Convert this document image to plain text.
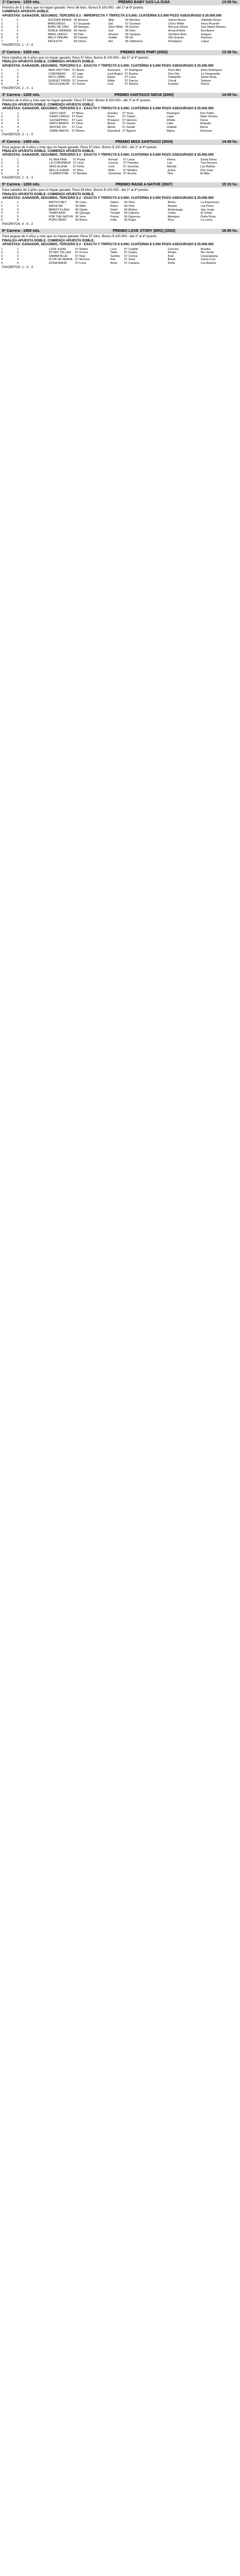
1ª Carrera - 1200 mts.	PREMIO BABY GAS LA GUIA	13:00 hs.
Premios de $ 3 años que no hayan ganado: Peso 56 kilos. Bonos $ 100.000.- del 1ª al 6ª puesto.
COMIENZA APUESTA DOBLE.
APUESTAS: GANADOR, SEGUNDO, TERCERO $ 2 - IMPERFECTA Y TRIFECTA $ 5.000; CUATERNA $ 5.000 POZO ASEGURADO $ 20.000.000
1	2	SOLDIER BRAVE	56 Arrastre	Billy	56 Mendez	Saneo-Bruno	Villafañe Romo
2	1	MANCHEGO	57 Ocupado	Dal	57 Ocampo	Chico Wilde	Hnos.Picarelli
3	4	BUBU DE ORO	56 Rampas	Dark Wilde	56 Gomez	Recurso-Mona	San Martin Alvarez
4	3	DOBLE GRANDE	56 Viento	Gul	56 Soto	Arriacol-Bote	Escribano
5	5	PAÑO LARGO	56 Palo	Rossini	56 Vazquez	Sendero-Bola	Holguin
6	6	MILLY DREAM	56 Canela	Goldie	56 Gil	Ojo-Grande	Ramirez
7	7	FACILETO	56 Olivos	Roi	56 Valdivieso	Rodriguez	Lopez
FAVORITOS: 1 - 3 - 4
2ª Carrera - 1000 mts.	PREMIO MISS PHIFI (2002)	13:30 hs.
Para caballos de 4 años que no hayan ganado: Peso 57 kilos. Bonos $ 100.000.- del 1ª al 4ª puesto.
FINALIZA APUESTA DOBLE, COMIENZA APUESTA DOBLE.
APUESTAS: GANADOR, SEGUNDO, TERCERO $ 2 - EXACTA Y TRIFECTA $ 5.000; CUATERNA $ 5.000 POZO ASEGURADO $ 25.000.000
1	1	NEW FACTORY	57 Bravo	Hurricane	57 Rodriguez	Pavo-Mor	Hnos.Rodriguez
2	2	CORONADO	57 Lago	Lord Bogus	57 Bustos	Don-Ojo	La Vanguardia
3	3	NICO LIBRE	57 Joya	Equal	57 Luna	Fotógrafo	Santa Rosa
4	4	SUNSET PRIDE	57 Jovenes	Wilde	57 Garcia	Corral	Salazar
5	5	TEGUCIGALPA	57 Fuerte	Lord	57 Ramos	Kurland	Rivero
FAVORITOS: 2 - 4 - 1
3ª Carrera - 1200 mts.	PREMIO SANTIAGO NIEVA (2000)	14:05 hs.
Premios de 4 años y más que no hayan ganado: Peso 57 kilos. Bonos $ 100.000.- del 1ª al 4ª puesto.
FINALIZA APUESTA DOBLE. COMIENZA APUESTA DOBLE.
APUESTAS: GANADOR, SEGUNDO, TERCERO $ 2 - EXACTA Y TRIFECTA $ 5.000; CUATERNA $ 5.000 POZO ASEGURADO $ 25.000.000
1	1	GATO GRIS	57 Mesa	Greeley	57 Sosa	Parangon	Don Pablo
2	2	FRAN CANGO	57 Paso	Dunn	57 Castro	Lujan	Siete Vientos
3	3	GIUSEPPINO	57 Lazo	Prospect	57 Herrera	Dimita	Oscar
4	4	RAYO BRAVO	57 Olmo	Brave	57 Duarte	Latte	Ampatia
5	5	MISTER SIX	57 Cruz	Mister	57 Zarate	Vedette	Romo
6	6	DARE MALVO	57 Rivero	Daredevil	57 Aguirre	Malva	Gimenez
FAVORITOS: 3 - 1 - 5
4ª Carrera - 1400 mts.	PREMIO MISS SANTIAGO (2004)	14:40 hs.
Para yeguas de 4 años y más que no hayan ganado: Peso 57 kilos. Bonos $ 100.000.- del 1ª al 4ª puesto.
FINALIZA APUESTA DOBLE. COMIENZA APUESTA DOBLE.
APUESTAS: GANADOR, SEGUNDO, TERCERO $ 2 - EXACTA Y TRIFECTA $ 5.000; CUATERNA $ 5.000 POZO ASEGURADO $ 25.000.000
1	1	FLORA FINA	57 Prado	Roman	57 Leiva	Flores	Santa Elena
2	2	LA CORONADA	57 Lima	Corona	57 Paredes	Luz	Tres Arroyos
3	3	MISS ELENA	57 Peña	Lord	57 Sanchez	Elenita	Los Robles
4	4	BELLA JUANA	57 Rios	Bello	57 Medina	Juana	Don Juan
5	5	CLEMENTINE	57 Benitez	Clemente	57 Acosta	Tina	El Alba
FAVORITOS: 2 - 5 - 3
5ª Carrera - 1200 mts.	PREMIO RAISE A NATIVE (2007)	15:15 hs.
Para caballos de 3 años que no hayan ganado: Peso 56 kilos. Bonos $ 100.000.- del 1ª al 4ª puesto.
FINALIZA APUESTA DOBLE. COMIENZA APUESTA DOBLE.
APUESTAS: GANADOR, SEGUNDO, TERCERO $ 2 - EXACTA Y TRIFECTA $ 5.000; CUATERNA $ 5.000 POZO ASEGURADO $ 25.000.000
1	1	NATIVO REY	56 Cano	Native	56 Silva	Reina	La Esperanza
2	2	RAISE ME	56 Miño	Raise	56 Ortiz	Alzada	Los Pinos
3	3	BRAVO FLASH	56 Ojeda	Flash	56 Molina	Relampago	San Jorge
4	4	TEMPLARIO	56 Quiroga	Temple	56 Cabrera	Orden	El Ombu
5	5	FOR THE NATIVE	56 Vera	Forest	56 Figueroa	Aborigen	Doña Rosa
6	6	PURO INDIO	56 Bravo	Indio	56 Rojas	Pura	La Loma
FAVORITOS: 4 - 6 - 2
6ª Carrera - 1000 mts.	PREMIO LOVE STORY (BRZ) (2002)	16:00 hs.
Para yeguas de 4 años y más que no hayan ganado: Peso 57 kilos. Bonos $ 100.000.- del 1ª al 4ª puesto.
FINALIZA APUESTA DOBLE. COMIENZA APUESTA DOBLE.
APUESTAS: GANADOR, SEGUNDO, TERCERO $ 2 - EXACTA Y TRIFECTA $ 5.000; CUATERNA $ 5.000 POZO ASEGURADO $ 25.000.000
1	1	LOVE SONG	57 Nuñez	Love	57 Castillo	Cancion	Brasilia
2	2	STORY TELLER	57 Ponce	Teller	57 Godoy	Relato	Rio Verde
3	3	SAMBA BLUE	57 Ruiz	Samba	57 Correa	Azul	Copacabana
4	4	FLOR DE BRASIL	57 Moreno	Flor	57 Sosa	Brasil	Santa Cruz
5	5	DOÑA AMOR	57 Luna	Amor	57 Campos	Doña	Los Alamos
FAVORITOS: 1 - 4 - 3
